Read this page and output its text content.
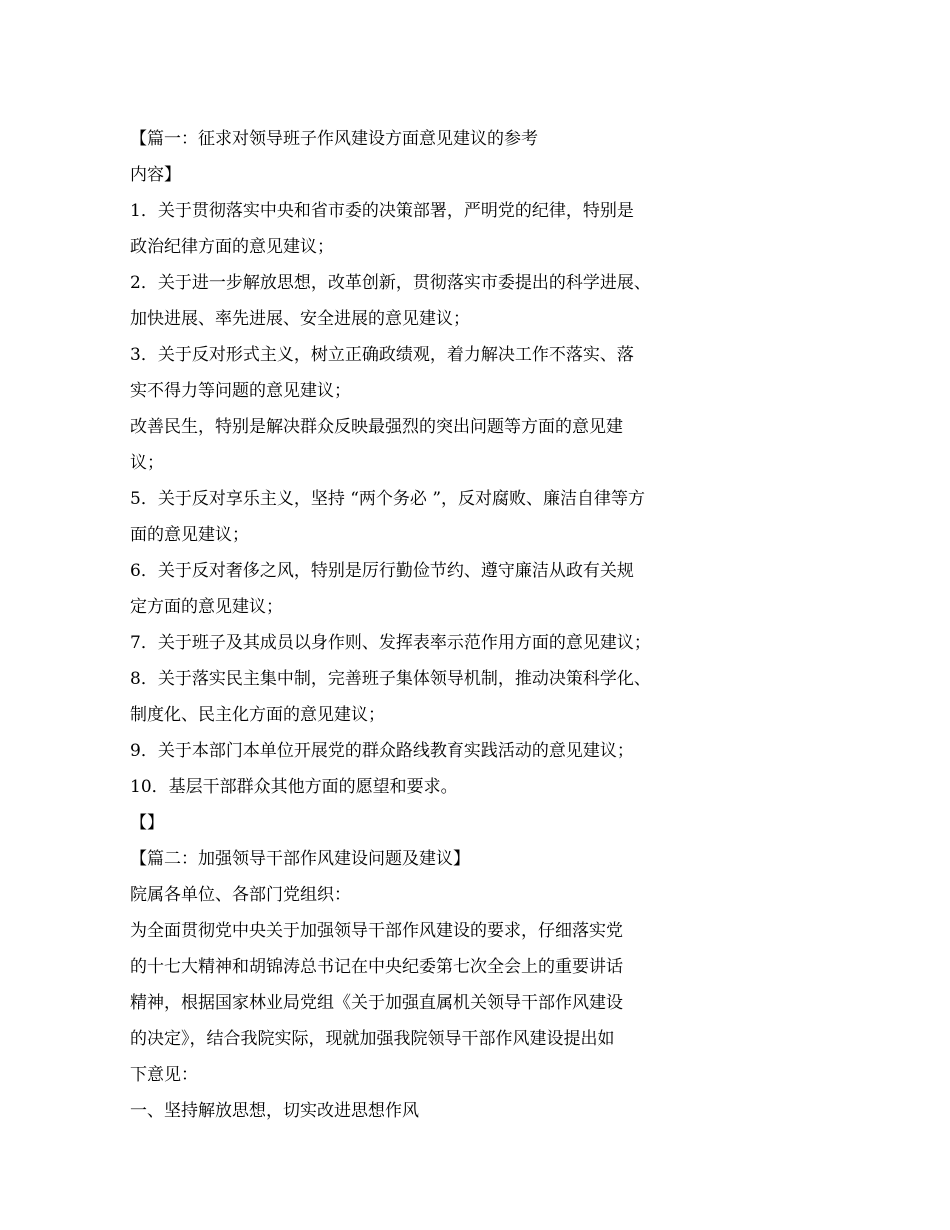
【篇一：征求对领导班子作风建设方面意见建议的参考
内容】
1．关于贯彻落实中央和省市委的决策部署，严明党的纪律，特别是
政治纪律方面的意见建议；
2．关于进一步解放思想，改革创新，贯彻落实市委提出的科学进展、
加快进展、率先进展、安全进展的意见建议；
3．关于反对形式主义，树立正确政绩观，着力解决工作不落实、落
实不得力等问题的意见建议；
改善民生，特别是解决群众反映最强烈的突出问题等方面的意见建
议；
5．关于反对享乐主义，坚持 “两个务必 ”，反对腐败、廉洁自律等方
面的意见建议；
6．关于反对奢侈之风，特别是厉行勤俭节约、遵守廉洁从政有关规
定方面的意见建议；
7．关于班子及其成员以身作则、发挥表率示范作用方面的意见建议；
8．关于落实民主集中制，完善班子集体领导机制，推动决策科学化、
制度化、民主化方面的意见建议；
9．关于本部门本单位开展党的群众路线教育实践活动的意见建议；
10．基层干部群众其他方面的愿望和要求。
【】
【篇二：加强领导干部作风建设问题及建议】
院属各单位、各部门党组织：
为全面贯彻党中央关于加强领导干部作风建设的要求，仔细落实党
的十七大精神和胡锦涛总书记在中央纪委第七次全会上的重要讲话
精神，根据国家林业局党组《关于加强直属机关领导干部作风建设
的决定》，结合我院实际，现就加强我院领导干部作风建设提出如
下意见：
一、坚持解放思想，切实改进思想作风
